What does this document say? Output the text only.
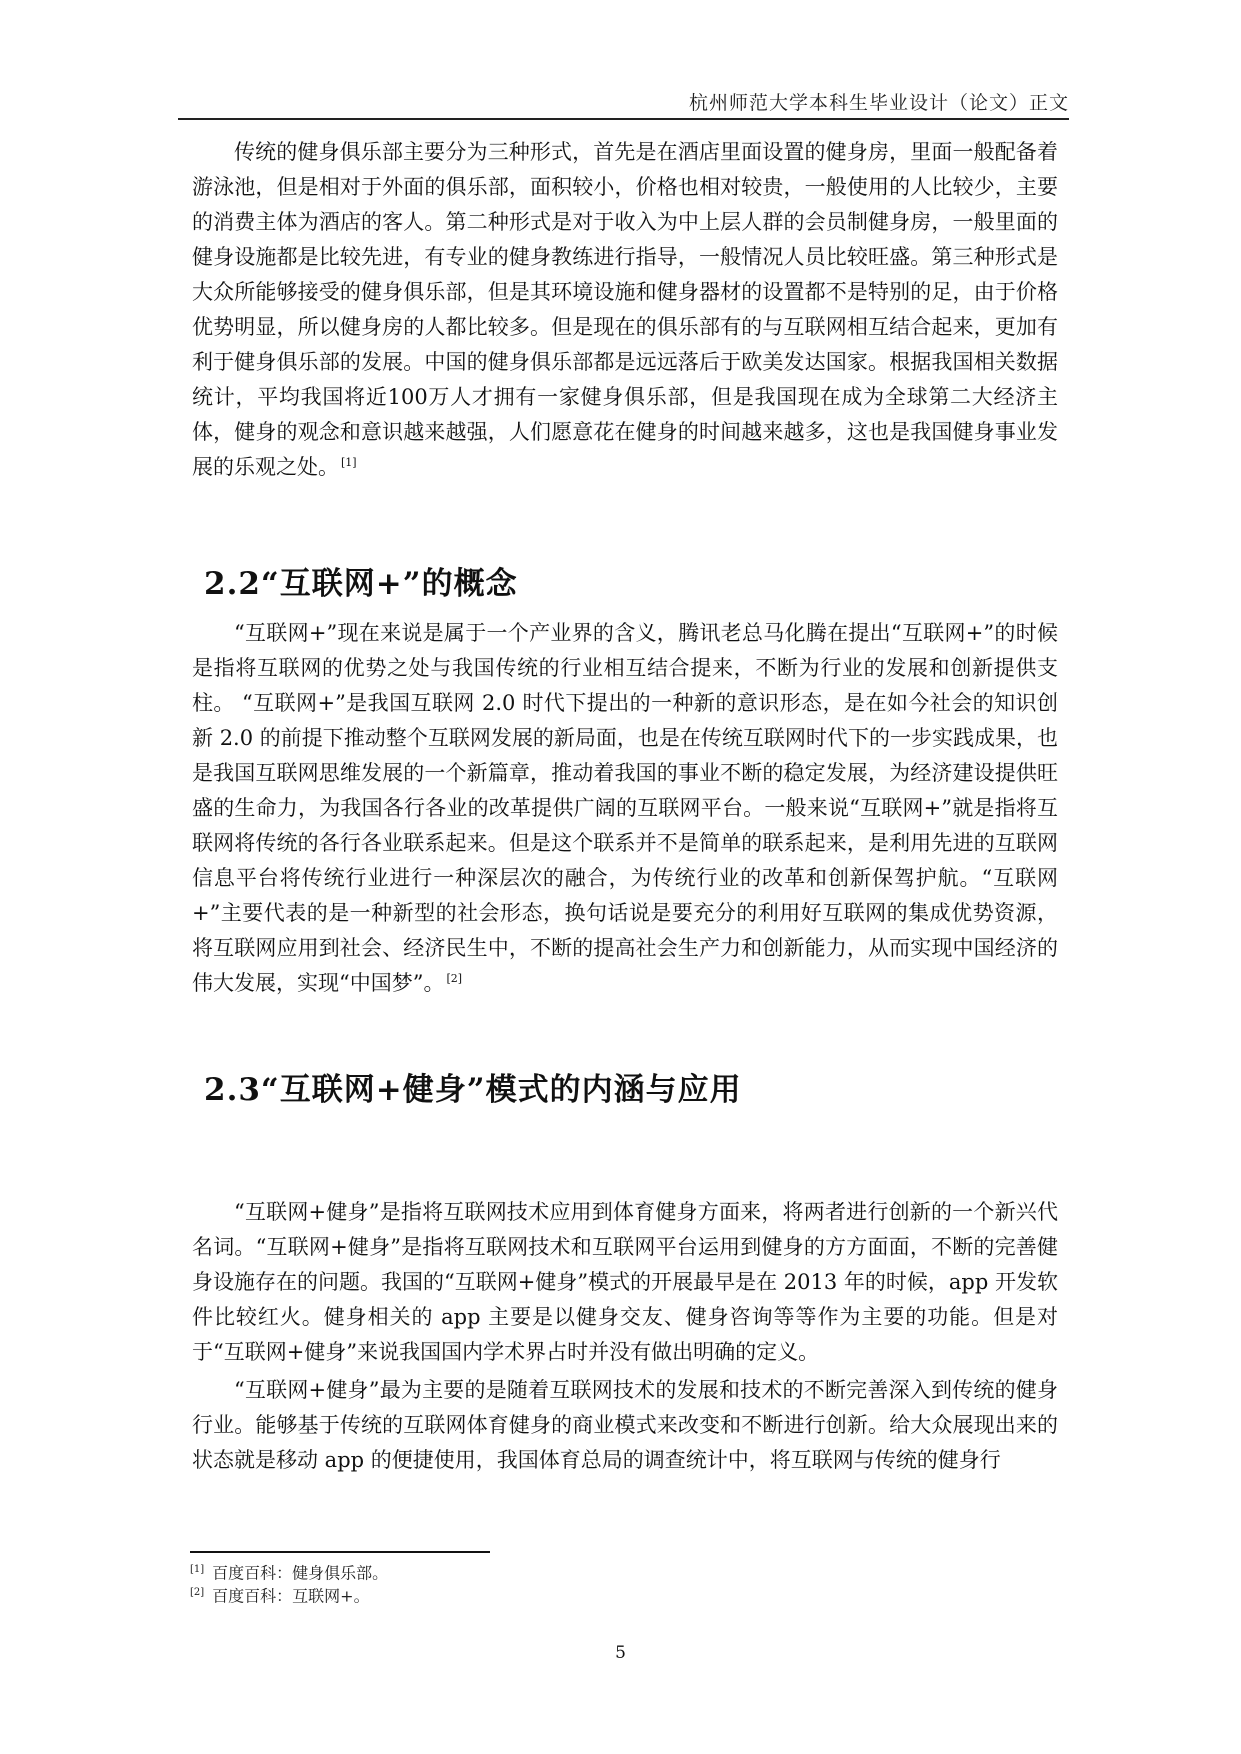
杭州师范大学本科生毕业设计（论文）正文

传统的健身俱乐部主要分为三种形式，首先是在酒店里面设置的健身房，里面一般配备着游泳池，但是相对于外面的俱乐部，面积较小，价格也相对较贵，一般使用的人比较少，主要的消费主体为酒店的客人。第二种形式是对于收入为中上层人群的会员制健身房，一般里面的健身设施都是比较先进，有专业的健身教练进行指导，一般情况人员比较旺盛。第三种形式是大众所能够接受的健身俱乐部，但是其环境设施和健身器材的设置都不是特别的足，由于价格优势明显，所以健身房的人都比较多。但是现在的俱乐部有的与互联网相互结合起来，更加有利于健身俱乐部的发展。中国的健身俱乐部都是远远落后于欧美发达国家。根据我国相关数据统计，平均我国将近100万人才拥有一家健身俱乐部，但是我国现在成为全球第二大经济主体，健身的观念和意识越来越强，人们愿意花在健身的时间越来越多，这也是我国健身事业发展的乐观之处。 [1]

2.2“互联网+”的概念

“互联网+”现在来说是属于一个产业界的含义，腾讯老总马化腾在提出“互联网+”的时候是指将互联网的优势之处与我国传统的行业相互结合提来，不断为行业的发展和创新提供支柱。 “互联网+”是我国互联网 2.0 时代下提出的一种新的意识形态，是在如今社会的知识创新 2.0 的前提下推动整个互联网发展的新局面，也是在传统互联网时代下的一步实践成果，也是我国互联网思维发展的一个新篇章，推动着我国的事业不断的稳定发展，为经济建设提供旺盛的生命力，为我国各行各业的改革提供广阔的互联网平台。一般来说“互联网+”就是指将互联网将传统的各行各业联系起来。但是这个联系并不是简单的联系起来，是利用先进的互联网信息平台将传统行业进行一种深层次的融合，为传统行业的改革和创新保驾护航。“互联网+”主要代表的是一种新型的社会形态，换句话说是要充分的利用好互联网的集成优势资源，将互联网应用到社会、经济民生中，不断的提高社会生产力和创新能力，从而实现中国经济的伟大发展，实现“中国梦”。 [2]

2.3“互联网+健身”模式的内涵与应用

“互联网+健身”是指将互联网技术应用到体育健身方面来，将两者进行创新的一个新兴代名词。“互联网+健身”是指将互联网技术和互联网平台运用到健身的方方面面，不断的完善健身设施存在的问题。我国的“互联网+健身”模式的开展最早是在 2013 年的时候，app 开发软件比较红火。健身相关的 app 主要是以健身交友、健身咨询等等作为主要的功能。但是对于“互联网+健身”来说我国国内学术界占时并没有做出明确的定义。

“互联网+健身”最为主要的是随着互联网技术的发展和技术的不断完善深入到传统的健身行业。能够基于传统的互联网体育健身的商业模式来改变和不断进行创新。给大众展现出来的状态就是移动 app 的便捷使用，我国体育总局的调查统计中，将互联网与传统的健身行

[1] 百度百科：健身俱乐部。
[2] 百度百科：互联网+。
5
